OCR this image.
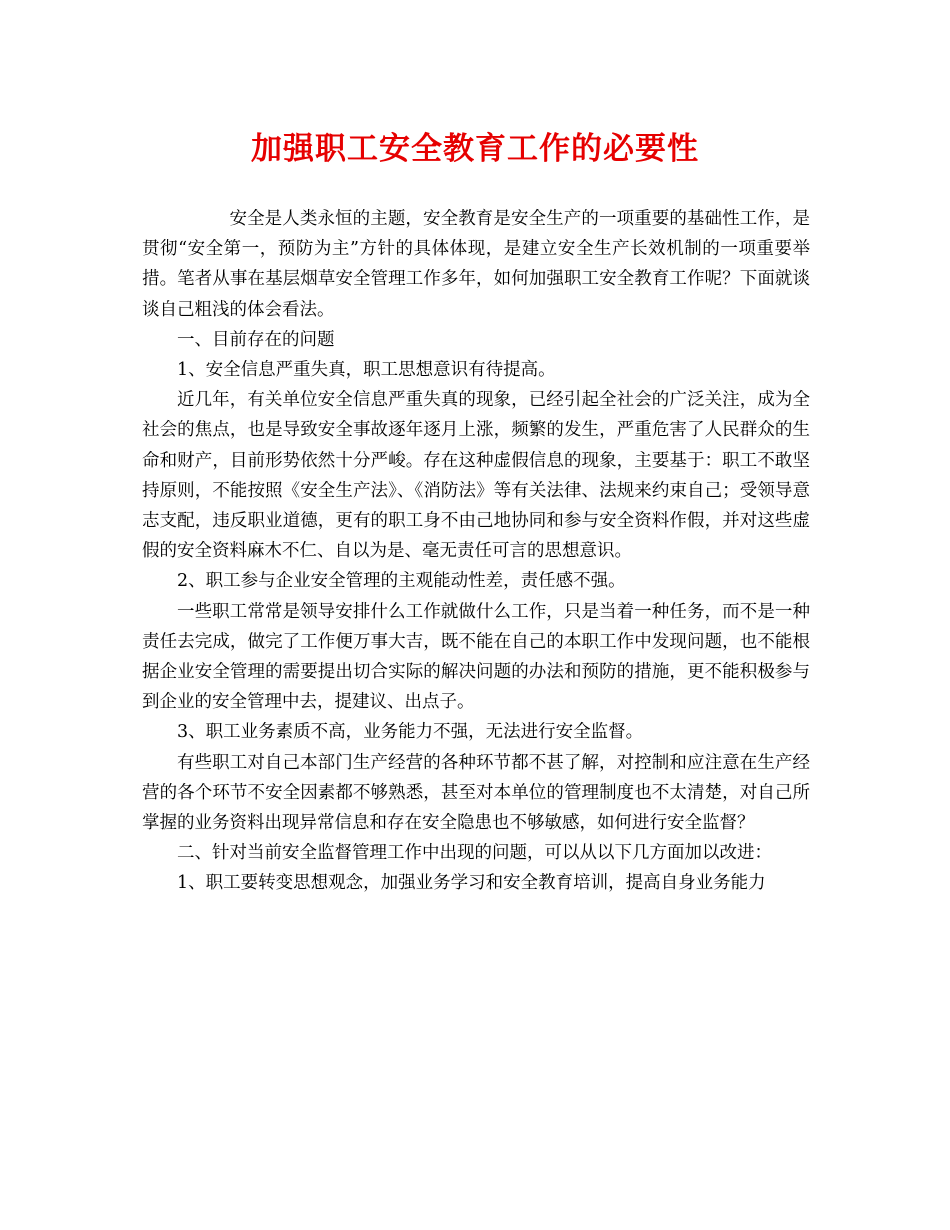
加强职工安全教育工作的必要性

安全是人类永恒的主题，安全教育是安全生产的一项重要的基础性工作，是贯彻“安全第一，预防为主”方针的具体体现，是建立安全生产长效机制的一项重要举措。笔者从事在基层烟草安全管理工作多年，如何加强职工安全教育工作呢？下面就谈谈自己粗浅的体会看法。

一、目前存在的问题

1、安全信息严重失真，职工思想意识有待提高。

近几年，有关单位安全信息严重失真的现象，已经引起全社会的广泛关注，成为全社会的焦点，也是导致安全事故逐年逐月上涨，频繁的发生，严重危害了人民群众的生命和财产，目前形势依然十分严峻。存在这种虚假信息的现象，主要基于：职工不敢坚持原则，不能按照《安全生产法》、《消防法》等有关法律、法规来约束自己；受领导意志支配，违反职业道德，更有的职工身不由己地协同和参与安全资料作假，并对这些虚假的安全资料麻木不仁、自以为是、毫无责任可言的思想意识。

2、职工参与企业安全管理的主观能动性差，责任感不强。

一些职工常常是领导安排什么工作就做什么工作，只是当着一种任务，而不是一种责任去完成，做完了工作便万事大吉，既不能在自己的本职工作中发现问题，也不能根据企业安全管理的需要提出切合实际的解决问题的办法和预防的措施，更不能积极参与到企业的安全管理中去，提建议、出点子。

3、职工业务素质不高，业务能力不强，无法进行安全监督。

有些职工对自己本部门生产经营的各种环节都不甚了解，对控制和应注意在生产经营的各个环节不安全因素都不够熟悉，甚至对本单位的管理制度也不太清楚，对自己所掌握的业务资料出现异常信息和存在安全隐患也不够敏感，如何进行安全监督？

二、针对当前安全监督管理工作中出现的问题，可以从以下几方面加以改进：

1、职工要转变思想观念，加强业务学习和安全教育培训，提高自身业务能力
